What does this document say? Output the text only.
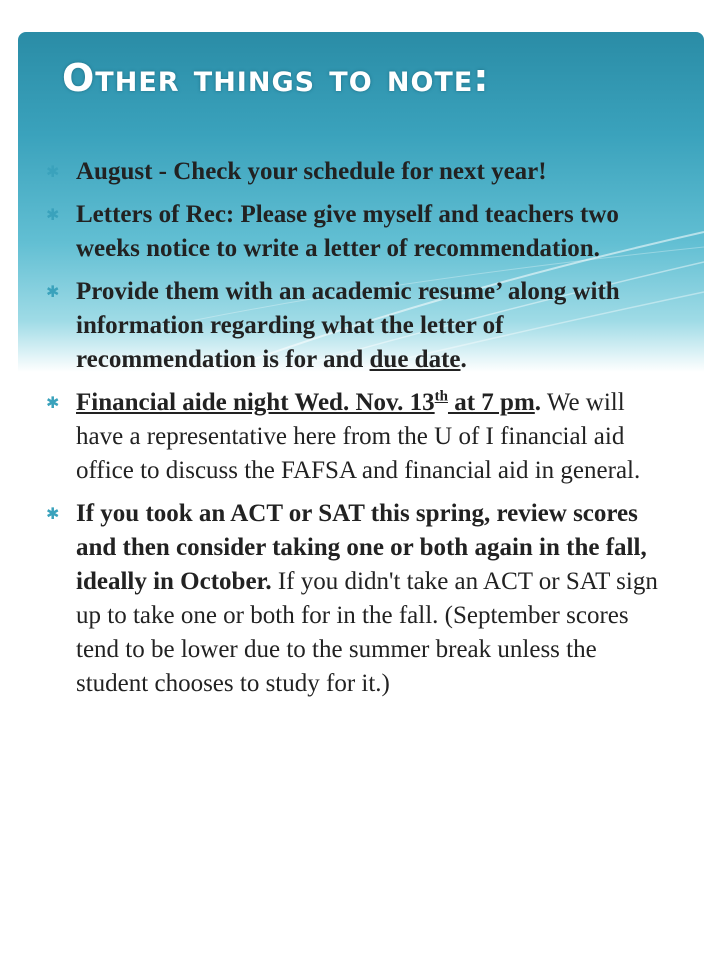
Other things to note:
✱ August - Check your schedule for next year!
✱ Letters of Rec: Please give myself and teachers two weeks notice to write a letter of recommendation.
✱ Provide them with an academic resume’ along with information regarding what the letter of recommendation is for and due date.
✱ Financial aide night Wed. Nov. 13th at 7 pm. We will have a representative here from the U of I financial aid office to discuss the FAFSA and financial aid in general.
✱ If you took an ACT or SAT this spring, review scores and then consider taking one or both again in the fall, ideally in October. If you didn't take an ACT or SAT sign up to take one or both for in the fall. (September scores tend to be lower due to the summer break unless the student chooses to study for it.)
